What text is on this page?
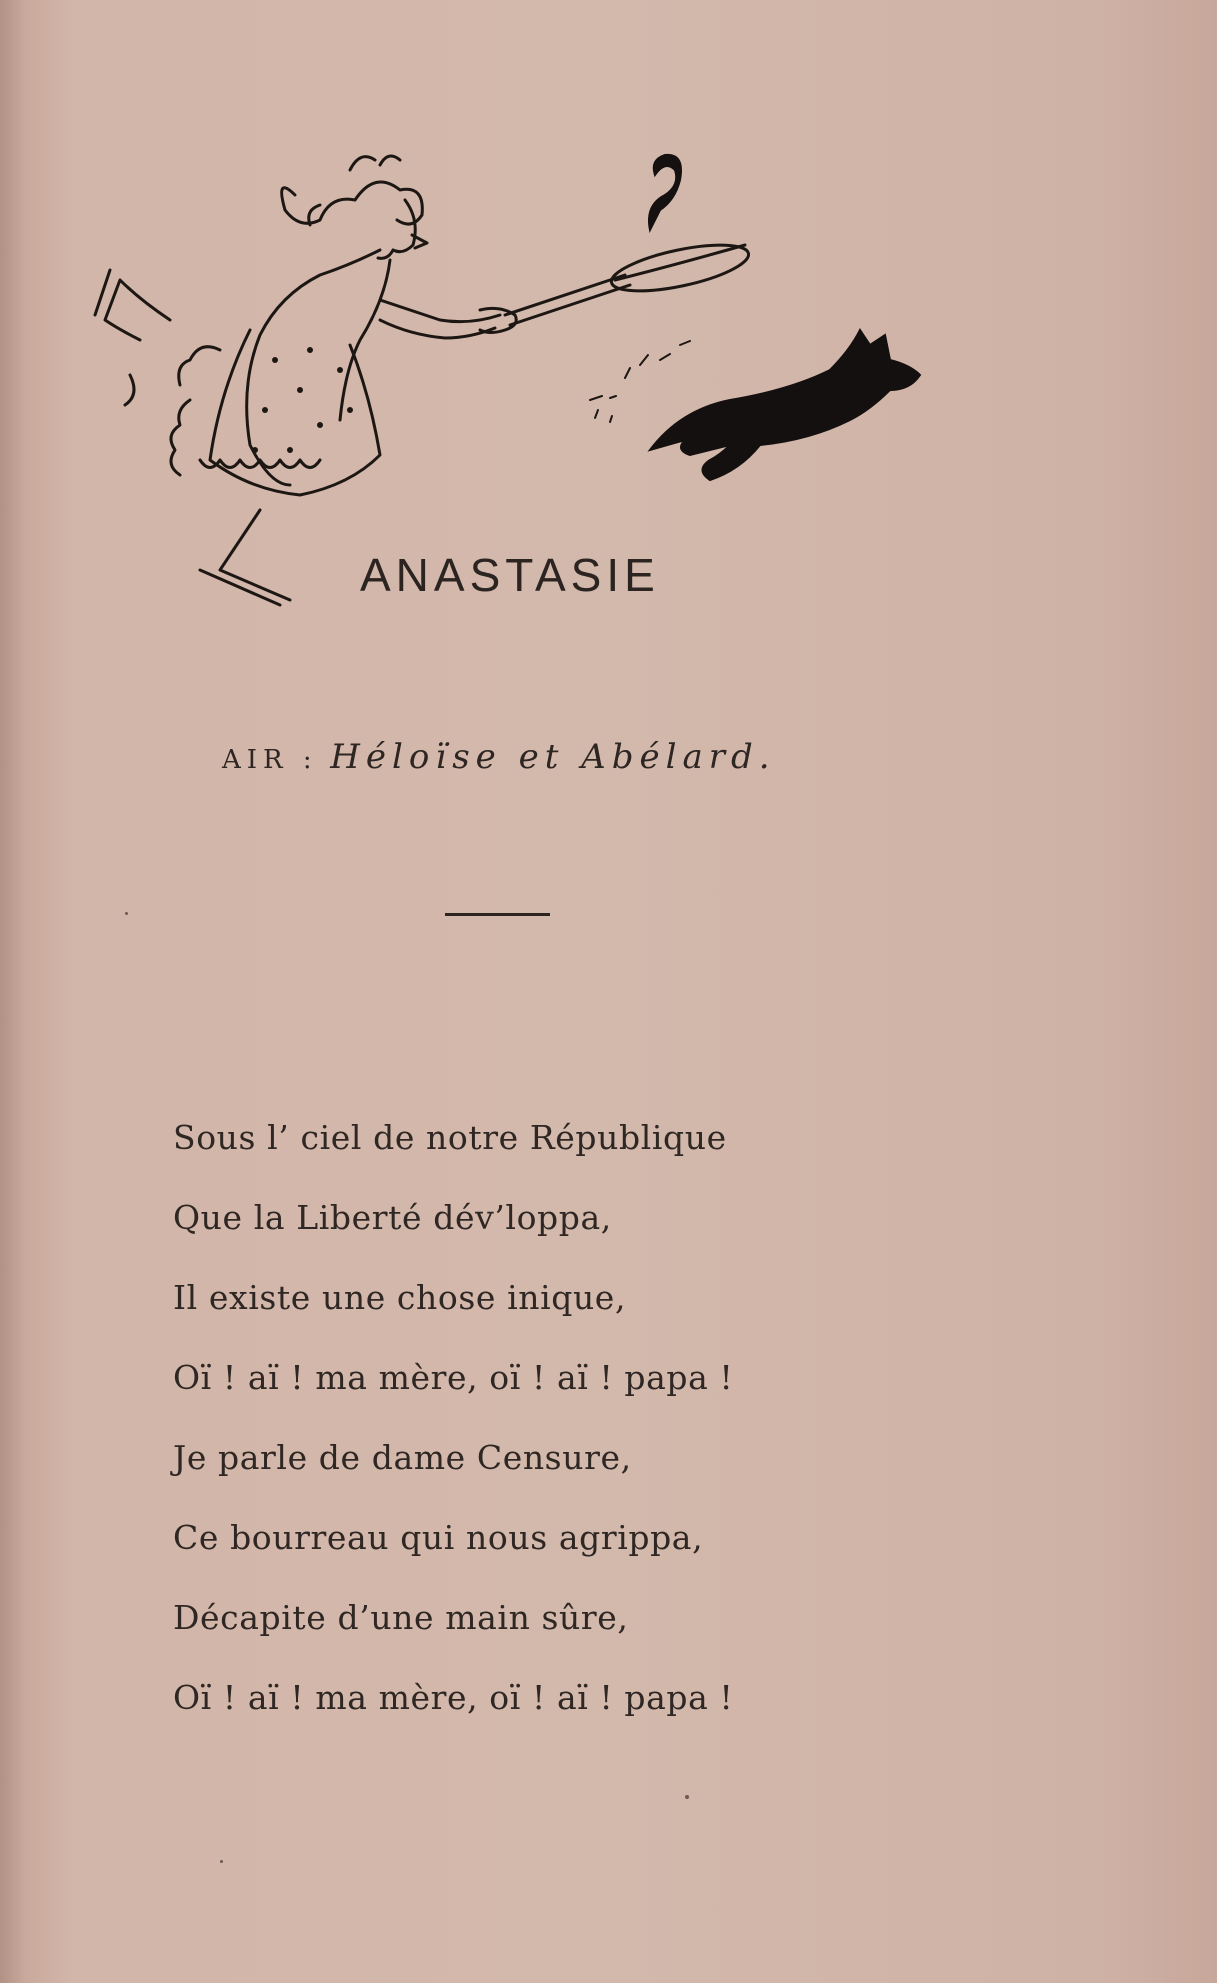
ANASTASIE
AIR : Héloïse et Abélard.
Sous l’ ciel de notre République
Que la Liberté dév’loppa,
Il existe une chose inique,
Oï ! aï ! ma mère, oï ! aï ! papa !
Je parle de dame Censure,
Ce bourreau qui nous agrippa,
Décapite d’une main sûre,
Oï ! aï ! ma mère, oï ! aï ! papa !
